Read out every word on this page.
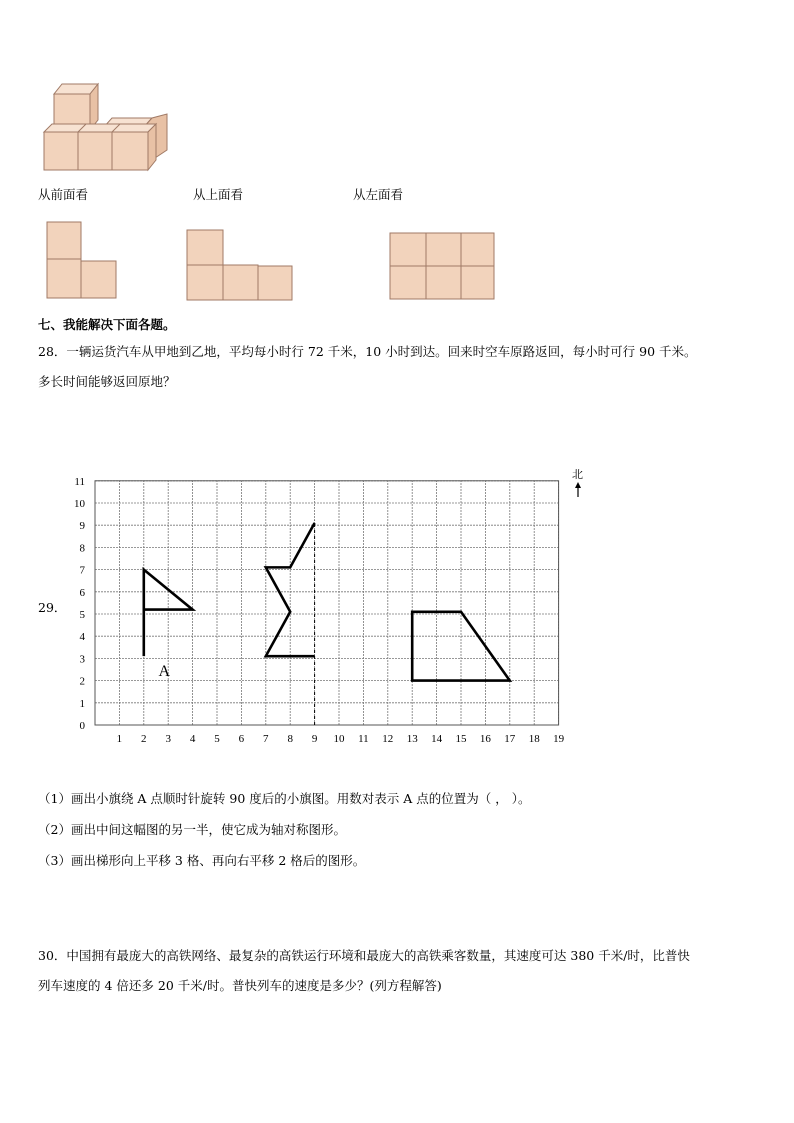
从前面看	从上面看	从左面看
七、我能解决下面各题。
28．一辆运货汽车从甲地到乙地，平均每小时行 72 千米，10 小时到达。回来时空车原路返回，每小时可行 90 千米。
多长时间能够返回原地？
29．
1 2 3 4 5 6 7 8 9 10 11 12 13 14 15 16 17 18 19
0
1
2
3
4
5
6
7
8
9
10
11
北
A
（1）画出小旗绕 A 点顺时针旋转 90 度后的小旗图。用数对表示 A 点的位置为（ ， ）。
（2）画出中间这幅图的另一半，使它成为轴对称图形。
（3）画出梯形向上平移 3 格、再向右平移 2 格后的图形。
30．中国拥有最庞大的高铁网络、最复杂的高铁运行环境和最庞大的高铁乘客数量，其速度可达 380 千米/时，比普快
列车速度的 4 倍还多 20 千米/时。普快列车的速度是多少？(列方程解答)
